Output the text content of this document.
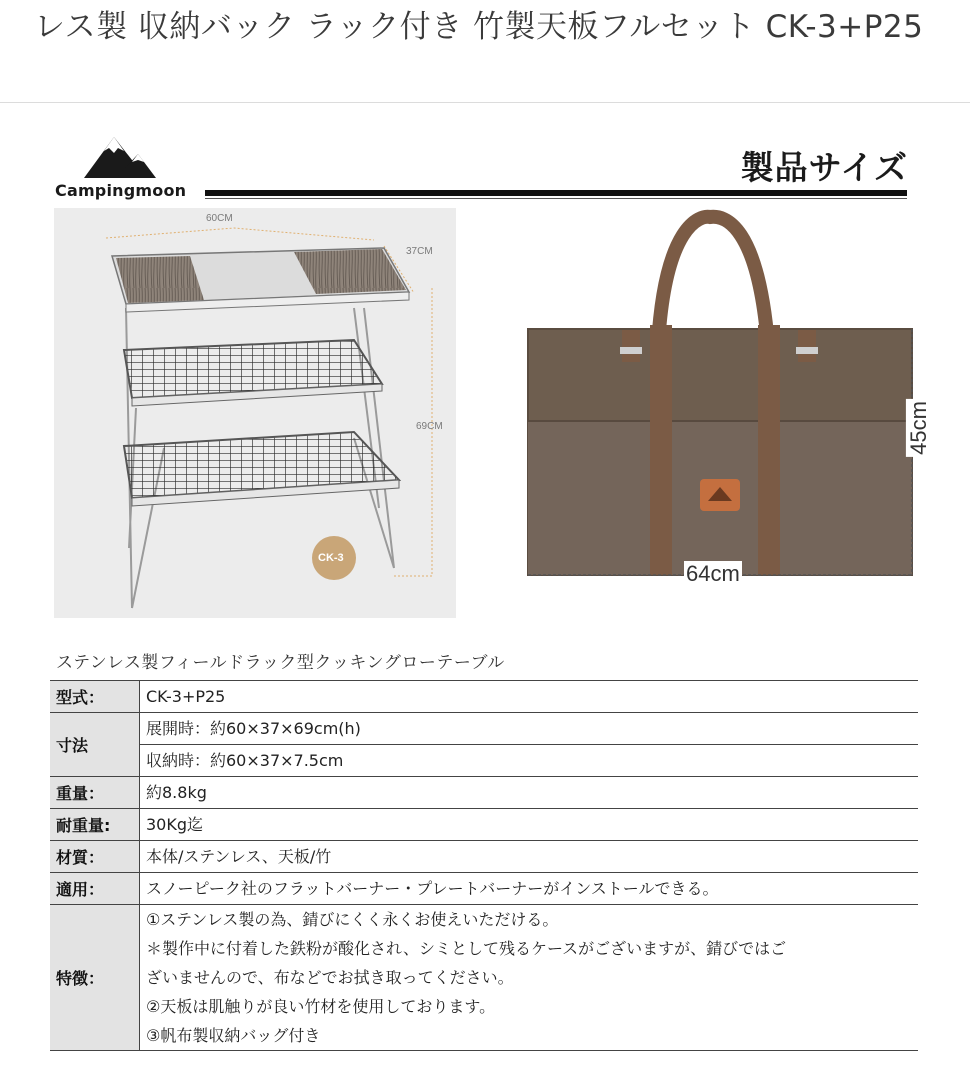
レス製 収納バック ラック付き 竹製天板フルセット CK-3+P25
Campingmoon
製品サイズ
60CM
37CM
69CM
CK-3
45cm
64cm
ステンレス製フィールドラック型クッキングローテーブル
型式：	CK-3+P25

寸法	展開時：約60×37×69cm(h)
収納時：約60×37×7.5cm

重量：	約8.8kg

耐重量:	30Kg迄

材質：	本体/ステンレス、天板/竹

適用：	スノーピーク社のフラットバーナー・プレートバーナーがインストールできる。

特徴：	①ステンレス製の為、錆びにくく永くお使えいただける。
＊製作中に付着した鉄粉が酸化され、シミとして残るケースがございますが、錆びではご
ざいませんので、布などでお拭き取ってください。
②天板は肌触りが良い竹材を使用しております。
③帆布製収納バッグ付き
